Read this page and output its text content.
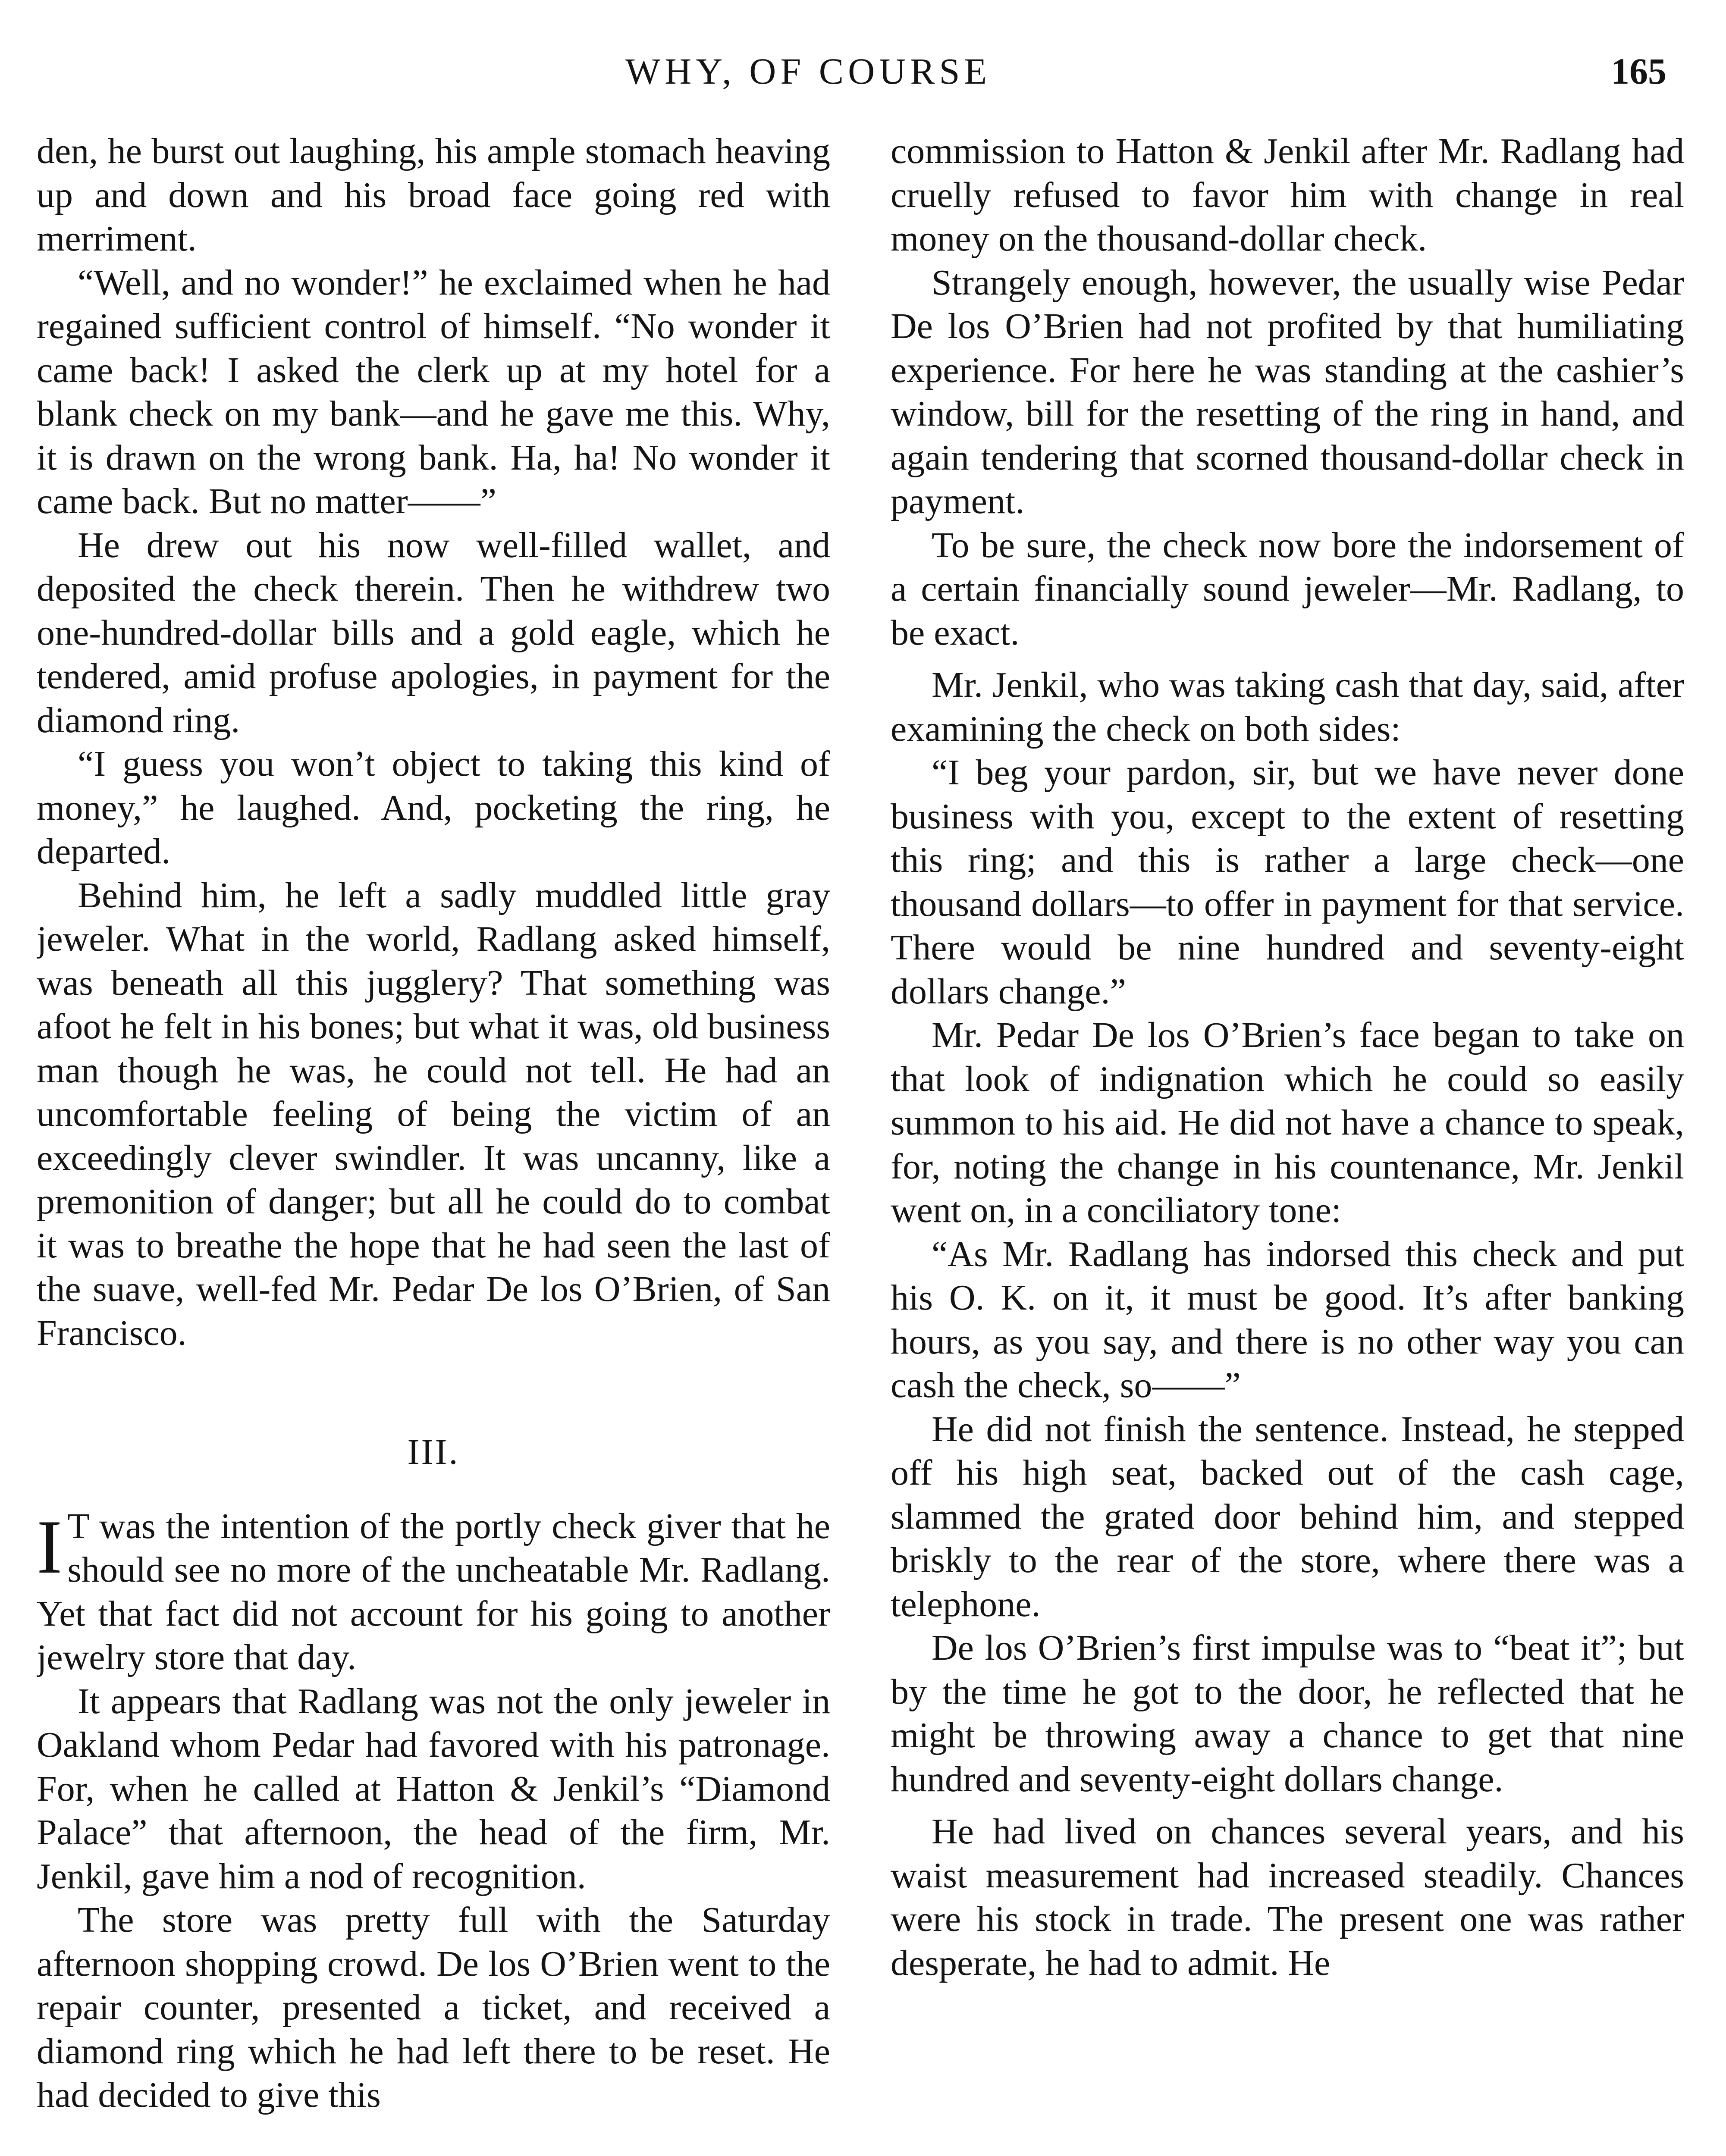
WHY, OF COURSE	165

den, he burst out laughing, his ample stomach heaving up and down and his broad face going red with merriment.

“Well, and no wonder!” he exclaimed when he had regained sufficient control of himself. “No wonder it came back! I asked the clerk up at my hotel for a blank check on my bank—and he gave me this. Why, it is drawn on the wrong bank. Ha, ha! No wonder it came back. But no matter——”

He drew out his now well-filled wallet, and deposited the check therein. Then he withdrew two one-hundred-dollar bills and a gold eagle, which he tendered, amid profuse apologies, in payment for the diamond ring.

“I guess you won’t object to taking this kind of money,” he laughed. And, pocketing the ring, he departed.

Behind him, he left a sadly muddled little gray jeweler. What in the world, Radlang asked himself, was beneath all this jugglery? That something was afoot he felt in his bones; but what it was, old business man though he was, he could not tell. He had an uncomfortable feeling of being the victim of an exceedingly clever swindler. It was uncanny, like a premonition of danger; but all he could do to combat it was to breathe the hope that he had seen the last of the suave, well-fed Mr. Pedar De los O’Brien, of San Francisco.

III.

I T was the intention of the portly check giver that he should see no more of the uncheatable Mr. Radlang. Yet that fact did not account for his going to another jewelry store that day.

It appears that Radlang was not the only jeweler in Oakland whom Pedar had favored with his patronage. For, when he called at Hatton & Jenkil’s “Diamond Palace” that afternoon, the head of the firm, Mr. Jenkil, gave him a nod of recognition.

The store was pretty full with the Saturday afternoon shopping crowd. De los O’Brien went to the repair counter, presented a ticket, and received a diamond ring which he had left there to be reset. He had decided to give this

commission to Hatton & Jenkil after Mr. Radlang had cruelly refused to favor him with change in real money on the thousand-dollar check.

Strangely enough, however, the usually wise Pedar De los O’Brien had not profited by that humiliating experience. For here he was standing at the cashier’s window, bill for the resetting of the ring in hand, and again tendering that scorned thousand-dollar check in payment.

To be sure, the check now bore the indorsement of a certain financially sound jeweler—Mr. Radlang, to be exact.

Mr. Jenkil, who was taking cash that day, said, after examining the check on both sides:

“I beg your pardon, sir, but we have never done business with you, except to the extent of resetting this ring; and this is rather a large check—one thousand dollars—to offer in payment for that service. There would be nine hundred and seventy-eight dollars change.”

Mr. Pedar De los O’Brien’s face began to take on that look of indignation which he could so easily summon to his aid. He did not have a chance to speak, for, noting the change in his countenance, Mr. Jenkil went on, in a conciliatory tone:

“As Mr. Radlang has indorsed this check and put his O. K. on it, it must be good. It’s after banking hours, as you say, and there is no other way you can cash the check, so——”

He did not finish the sentence. Instead, he stepped off his high seat, backed out of the cash cage, slammed the grated door behind him, and stepped briskly to the rear of the store, where there was a telephone.

De los O’Brien’s first impulse was to “beat it”; but by the time he got to the door, he reflected that he might be throwing away a chance to get that nine hundred and seventy-eight dollars change.

He had lived on chances several years, and his waist measurement had increased steadily. Chances were his stock in trade. The present one was rather desperate, he had to admit. He
